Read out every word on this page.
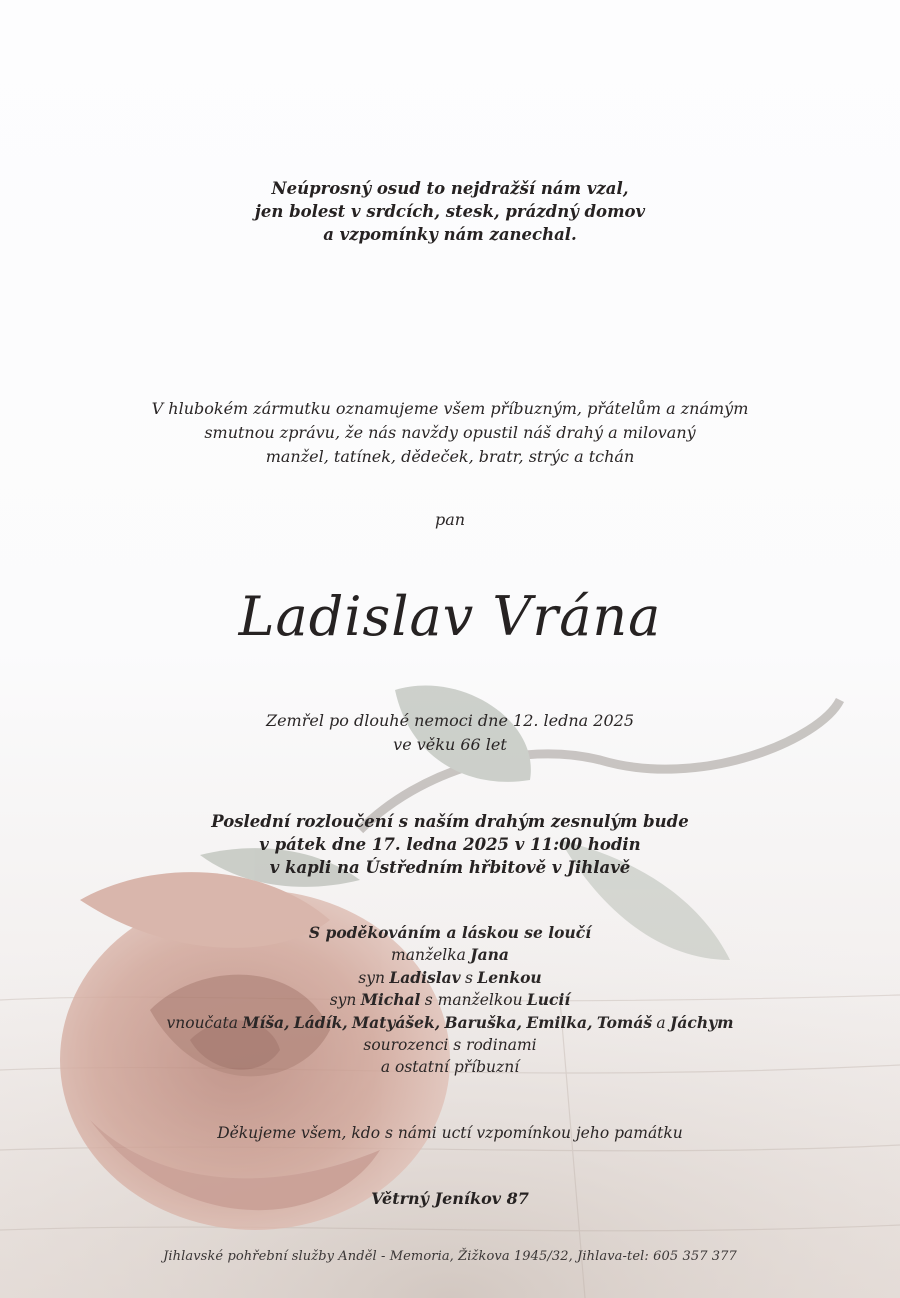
Neúprosný osud to nejdražší nám vzal,
jen bolest v srdcích, stesk, prázdný domov
a vzpomínky nám zanechal.
V hlubokém zármutku oznamujeme všem příbuzným, přátelům a známým
smutnou zprávu, že nás navždy opustil náš drahý a milovaný
manžel, tatínek, dědeček, bratr, strýc a tchán
pan
Ladislav Vrána
Zemřel po dlouhé nemoci dne 12. ledna 2025
ve věku 66 let
Poslední rozloučení s naším drahým zesnulým bude
v pátek dne 17. ledna 2025 v 11:00 hodin
v kapli na Ústředním hřbitově v Jihlavě
S poděkováním a láskou se loučí
manželka Jana
syn Ladislav s Lenkou
syn Michal s manželkou Lucií
vnoučata Míša, Ládík, Matyášek, Baruška, Emilka, Tomáš a Jáchym
sourozenci s rodinami
a ostatní příbuzní
Děkujeme všem, kdo s námi uctí vzpomínkou jeho památku
Větrný Jeníkov 87
Jihlavské pohřební služby Anděl - Memoria, Žižkova 1945/32, Jihlava-tel: 605 357 377
